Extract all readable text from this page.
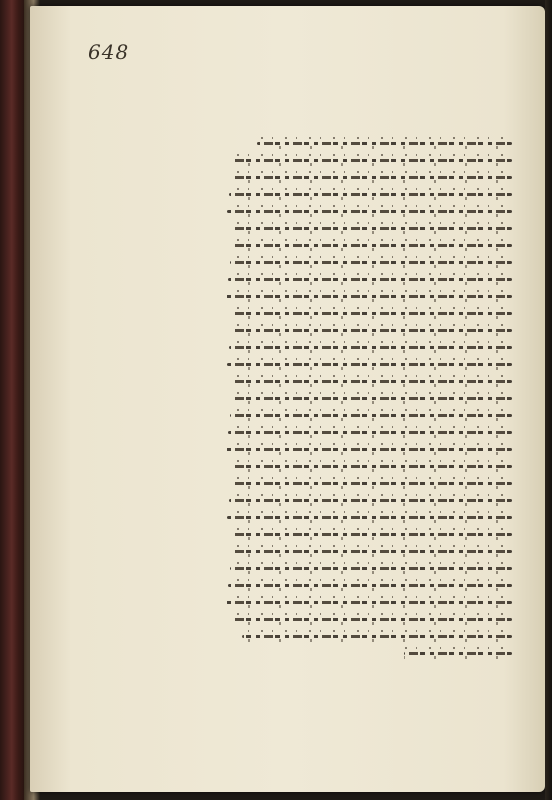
648
